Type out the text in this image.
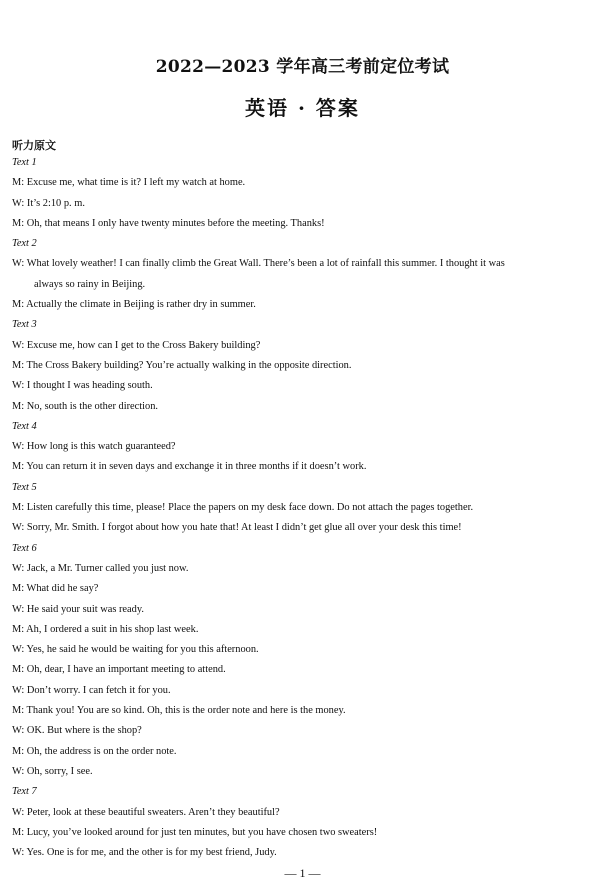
2022—2023 学年高三考前定位考试
英语 · 答案
听力原文
Text 1
M: Excuse me, what time is it? I left my watch at home.
W: It’s 2:10 p. m.
M: Oh, that means I only have twenty minutes before the meeting. Thanks!
Text 2
W: What lovely weather! I can finally climb the Great Wall. There’s been a lot of rainfall this summer. I thought it was
always so rainy in Beijing.
M: Actually the climate in Beijing is rather dry in summer.
Text 3
W: Excuse me, how can I get to the Cross Bakery building?
M: The Cross Bakery building? You’re actually walking in the opposite direction.
W: I thought I was heading south.
M: No, south is the other direction.
Text 4
W: How long is this watch guaranteed?
M: You can return it in seven days and exchange it in three months if it doesn’t work.
Text 5
M: Listen carefully this time, please! Place the papers on my desk face down. Do not attach the pages together.
W: Sorry, Mr. Smith. I forgot about how you hate that! At least I didn’t get glue all over your desk this time!
Text 6
W: Jack, a Mr. Turner called you just now.
M: What did he say?
W: He said your suit was ready.
M: Ah, I ordered a suit in his shop last week.
W: Yes, he said he would be waiting for you this afternoon.
M: Oh, dear, I have an important meeting to attend.
W: Don’t worry. I can fetch it for you.
M: Thank you! You are so kind. Oh, this is the order note and here is the money.
W: OK. But where is the shop?
M: Oh, the address is on the order note.
W: Oh, sorry, I see.
Text 7
W: Peter, look at these beautiful sweaters. Aren’t they beautiful?
M: Lucy, you’ve looked around for just ten minutes, but you have chosen two sweaters!
W: Yes. One is for me, and the other is for my best friend, Judy.
— 1 —
